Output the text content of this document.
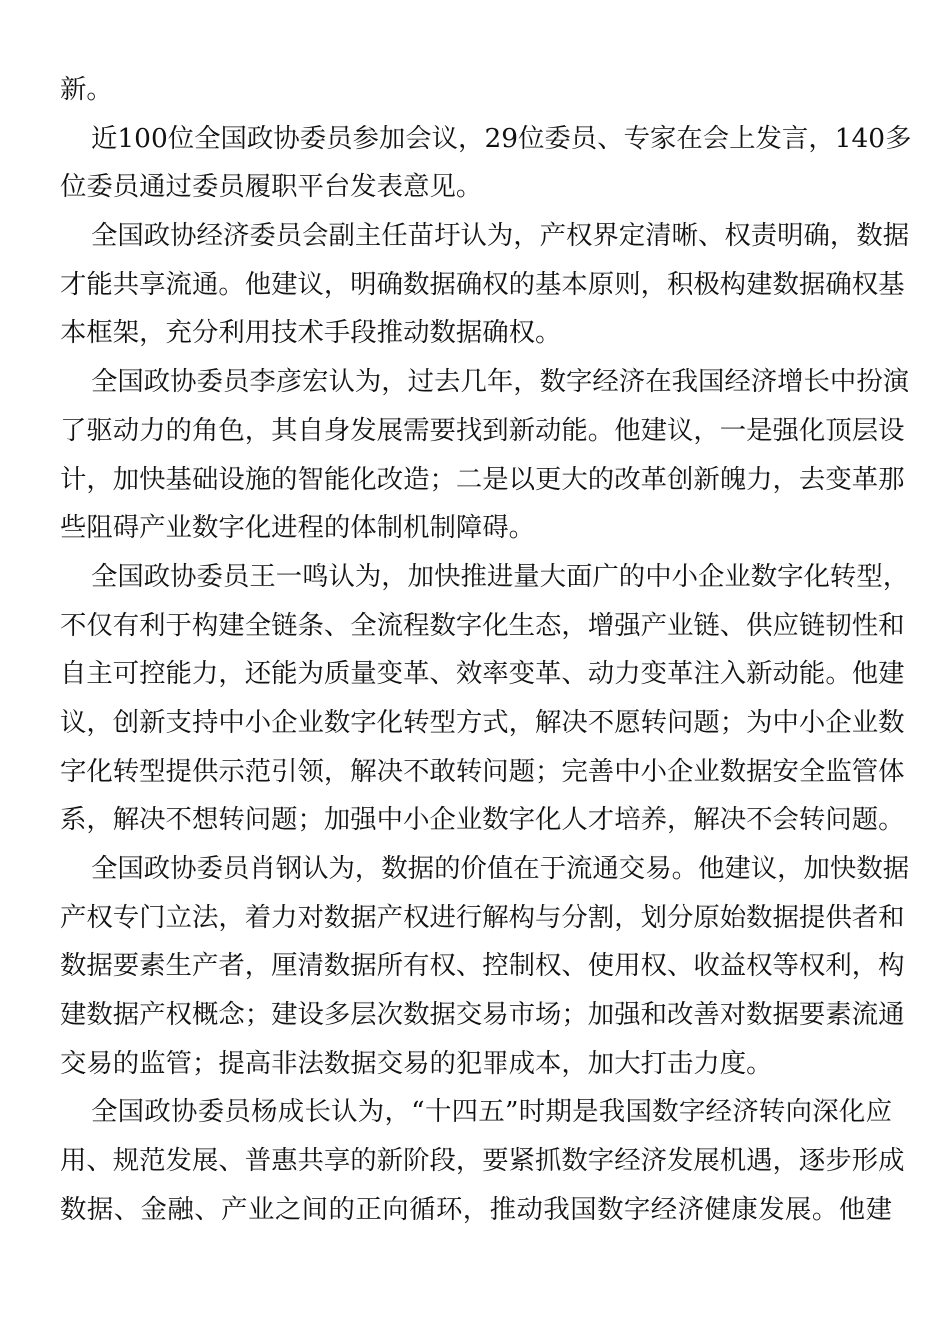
新。
近100位全国政协委员参加会议，29位委员、专家在会上发言，140多
位委员通过委员履职平台发表意见。
全国政协经济委员会副主任苗圩认为，产权界定清晰、权责明确，数据
才能共享流通。他建议，明确数据确权的基本原则，积极构建数据确权基
本框架，充分利用技术手段推动数据确权。
全国政协委员李彦宏认为，过去几年，数字经济在我国经济增长中扮演
了驱动力的角色，其自身发展需要找到新动能。他建议，一是强化顶层设
计，加快基础设施的智能化改造；二是以更大的改革创新魄力，去变革那
些阻碍产业数字化进程的体制机制障碍。
全国政协委员王一鸣认为，加快推进量大面广的中小企业数字化转型，
不仅有利于构建全链条、全流程数字化生态，增强产业链、供应链韧性和
自主可控能力，还能为质量变革、效率变革、动力变革注入新动能。他建
议，创新支持中小企业数字化转型方式，解决不愿转问题；为中小企业数
字化转型提供示范引领，解决不敢转问题；完善中小企业数据安全监管体
系，解决不想转问题；加强中小企业数字化人才培养，解决不会转问题。
全国政协委员肖钢认为，数据的价值在于流通交易。他建议，加快数据
产权专门立法，着力对数据产权进行解构与分割，划分原始数据提供者和
数据要素生产者，厘清数据所有权、控制权、使用权、收益权等权利，构
建数据产权概念；建设多层次数据交易市场；加强和改善对数据要素流通
交易的监管；提高非法数据交易的犯罪成本，加大打击力度。
全国政协委员杨成长认为，“十四五”时期是我国数字经济转向深化应
用、规范发展、普惠共享的新阶段，要紧抓数字经济发展机遇，逐步形成
数据、金融、产业之间的正向循环，推动我国数字经济健康发展。他建
